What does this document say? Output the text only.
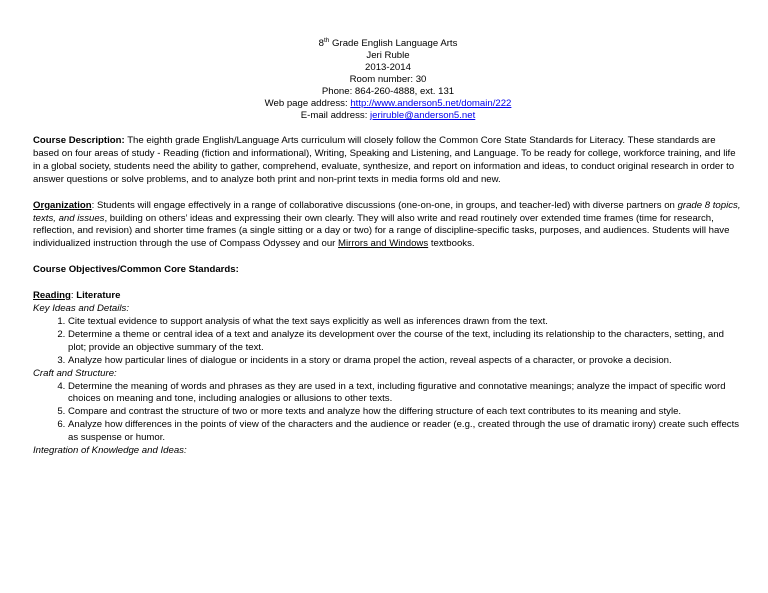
8th Grade English Language Arts
Jeri Ruble
2013-2014
Room number: 30
Phone: 864-260-4888, ext. 131
Web page address: http://www.anderson5.net/domain/222
E-mail address: jeriruble@anderson5.net

Course Description: The eighth grade English/Language Arts curriculum will closely follow the Common Core State Standards for Literacy. These standards are based on four areas of study - Reading (fiction and informational), Writing, Speaking and Listening, and Language. To be ready for college, workforce training, and life in a global society, students need the ability to gather, comprehend, evaluate, synthesize, and report on information and ideas, to conduct original research in order to answer questions or solve problems, and to analyze both print and non-print texts in media forms old and new.

Organization: Students will engage effectively in a range of collaborative discussions (one-on-one, in groups, and teacher-led) with diverse partners on grade 8 topics, texts, and issues, building on others’ ideas and expressing their own clearly. They will also write and read routinely over extended time frames (time for research, reflection, and revision) and shorter time frames (a single sitting or a day or two) for a range of discipline-specific tasks, purposes, and audiences. Students will have individualized instruction through the use of Compass Odyssey and our Mirrors and Windows textbooks.

Course Objectives/Common Core Standards:

Reading: Literature

Key Ideas and Details:
1. Cite textual evidence to support analysis of what the text says explicitly as well as inferences drawn from the text.
2. Determine a theme or central idea of a text and analyze its development over the course of the text, including its relationship to the characters, setting, and plot; provide an objective summary of the text.
3. Analyze how particular lines of dialogue or incidents in a story or drama propel the action, reveal aspects of a character, or provoke a decision.
Craft and Structure:
4. Determine the meaning of words and phrases as they are used in a text, including figurative and connotative meanings; analyze the impact of specific word choices on meaning and tone, including analogies or allusions to other texts.
5. Compare and contrast the structure of two or more texts and analyze how the differing structure of each text contributes to its meaning and style.
6. Analyze how differences in the points of view of the characters and the audience or reader (e.g., created through the use of dramatic irony) create such effects as suspense or humor.
Integration of Knowledge and Ideas:
